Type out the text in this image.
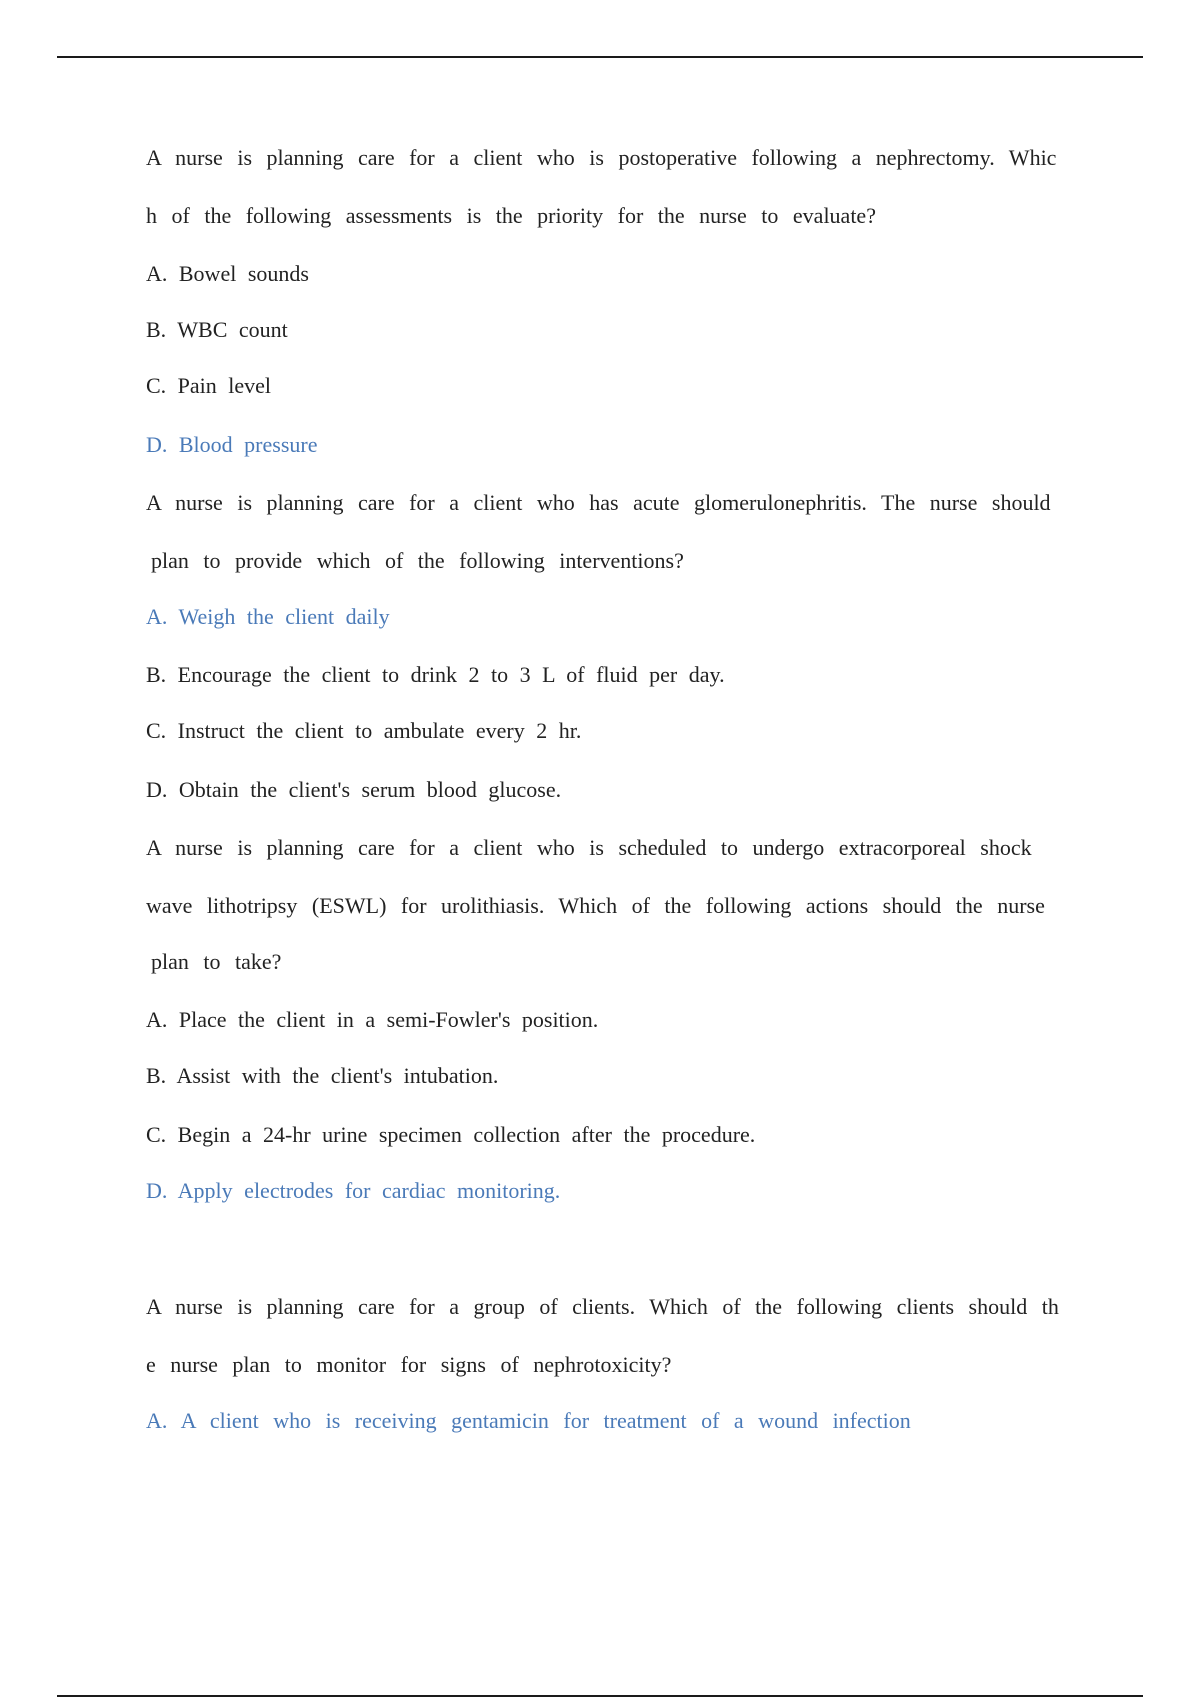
A nurse is planning care for a client who is postoperative following a nephrectomy. Whic
h of the following assessments is the priority for the nurse to evaluate?
A. Bowel sounds
B. WBC count
C. Pain level
D. Blood pressure
A nurse is planning care for a client who has acute glomerulonephritis. The nurse should
plan to provide which of the following interventions?
A. Weigh the client daily
B. Encourage the client to drink 2 to 3 L of fluid per day.
C. Instruct the client to ambulate every 2 hr.
D. Obtain the client's serum blood glucose.
A nurse is planning care for a client who is scheduled to undergo extracorporeal shock
wave lithotripsy (ESWL) for urolithiasis. Which of the following actions should the nurse
plan to take?
A. Place the client in a semi-Fowler's position.
B. Assist with the client's intubation.
C. Begin a 24-hr urine specimen collection after the procedure.
D. Apply electrodes for cardiac monitoring.
A nurse is planning care for a group of clients. Which of the following clients should th
e nurse plan to monitor for signs of nephrotoxicity?
A. A client who is receiving gentamicin for treatment of a wound infection
